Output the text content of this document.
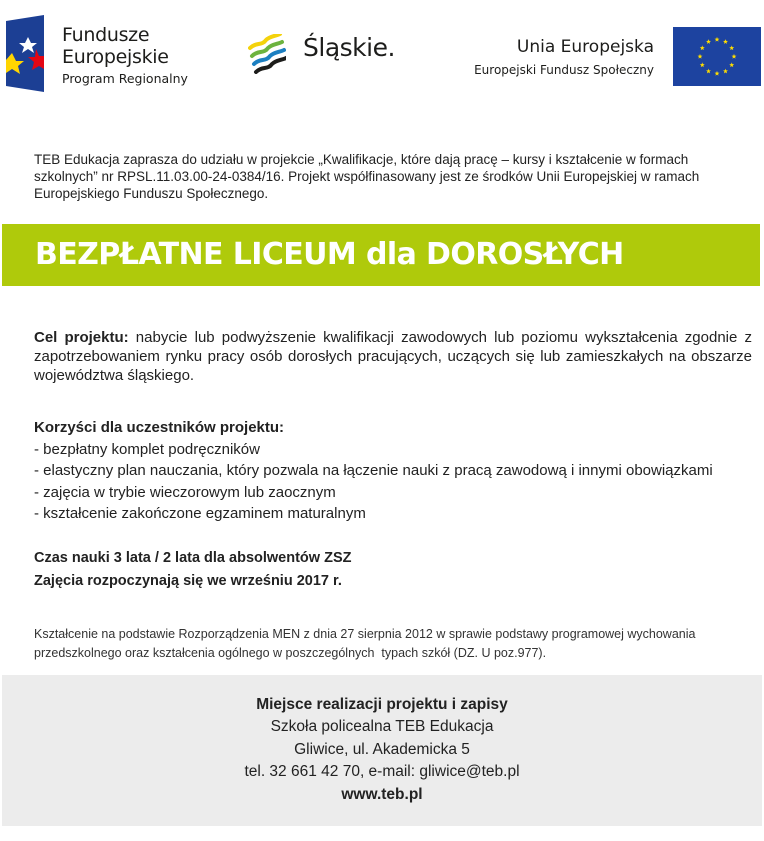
Fundusze
Europejskie
Program Regionalny
Śląskie.	Unia Europejska
Europejski Fundusz Społeczny
TEB Edukacja zaprasza do udziału w projekcie „Kwalifikacje, które dają pracę – kursy i kształcenie w formach szkolnych” nr RPSL.11.03.00-24-0384/16. Projekt współfinasowany jest ze środków Unii Europejskiej w ramach Europejskiego Funduszu Społecznego.
BEZPŁATNE LICEUM dla DOROSŁYCH
Cel projektu: nabycie lub podwyższenie kwalifikacji zawodowych lub poziomu wykształcenia zgodnie z zapotrzebowaniem rynku pracy osób dorosłych pracujących, uczących się lub zamieszkałych na obszarze województwa śląskiego.
Korzyści dla uczestników projektu:
- bezpłatny komplet podręczników
- elastyczny plan nauczania, który pozwala na łączenie nauki z pracą zawodową i innymi obowiązkami
- zajęcia w trybie wieczorowym lub zaocznym
- kształcenie zakończone egzaminem maturalnym
Czas nauki 3 lata / 2 lata dla absolwentów ZSZ
Zajęcia rozpoczynają się we wrześniu 2017 r.
Kształcenie na podstawie Rozporządzenia MEN z dnia 27 sierpnia 2012 w sprawie podstawy programowej wychowania
przedszkolnego oraz kształcenia ogólnego w poszczególnych  typach szkół (DZ. U poz.977).
Miejsce realizacji projektu i zapisy
Szkoła policealna TEB Edukacja
Gliwice, ul. Akademicka 5
tel. 32 661 42 70, e-mail: gliwice@teb.pl
www.teb.pl
